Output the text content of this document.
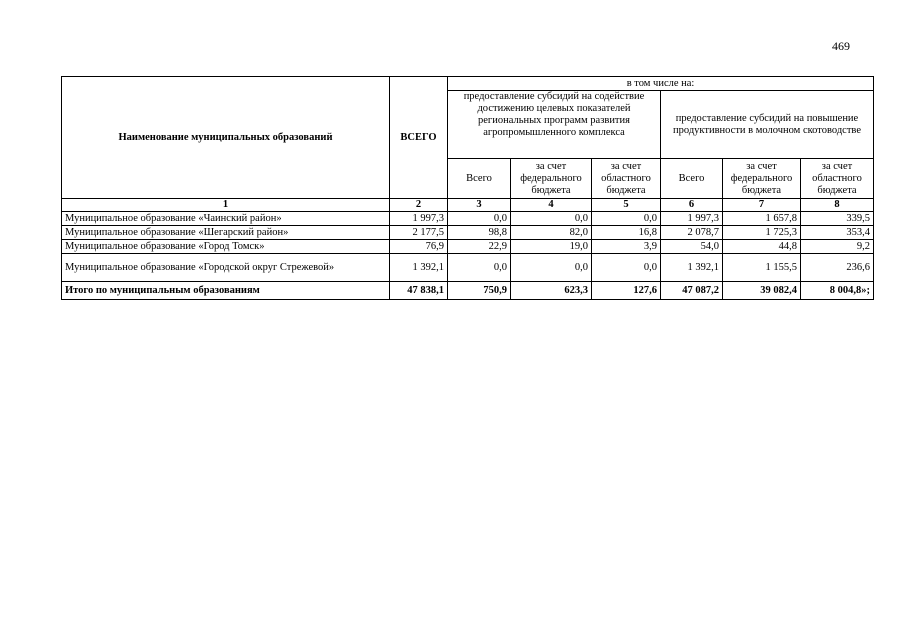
469
Наименование муниципальных образований	ВСЕГО	в том числе на:					
		предоставление субсидий на содействие достижению целевых показателей региональных программ развития агропромышленного комплекса			предоставление субсидий на повышение продуктивности в молочном скотоводстве		
		Всего	за счет федерального бюджета	за счет областного бюджета	Всего	за счет федерального бюджета	за счет областного бюджета
1	2	3	4	5	6	7	8
Муниципальное образование «Чаинский район»	1 997,3	0,0	0,0	0,0	1 997,3	1 657,8	339,5
Муниципальное образование «Шегарский район»	2 177,5	98,8	82,0	16,8	2 078,7	1 725,3	353,4
Муниципальное образование «Город Томск»	76,9	22,9	19,0	3,9	54,0	44,8	9,2
Муниципальное образование «Городской округ Стрежевой»	1 392,1	0,0	0,0	0,0	1 392,1	1 155,5	236,6
Итого по муниципальным образованиям	47 838,1	750,9	623,3	127,6	47 087,2	39 082,4	8 004,8»;
